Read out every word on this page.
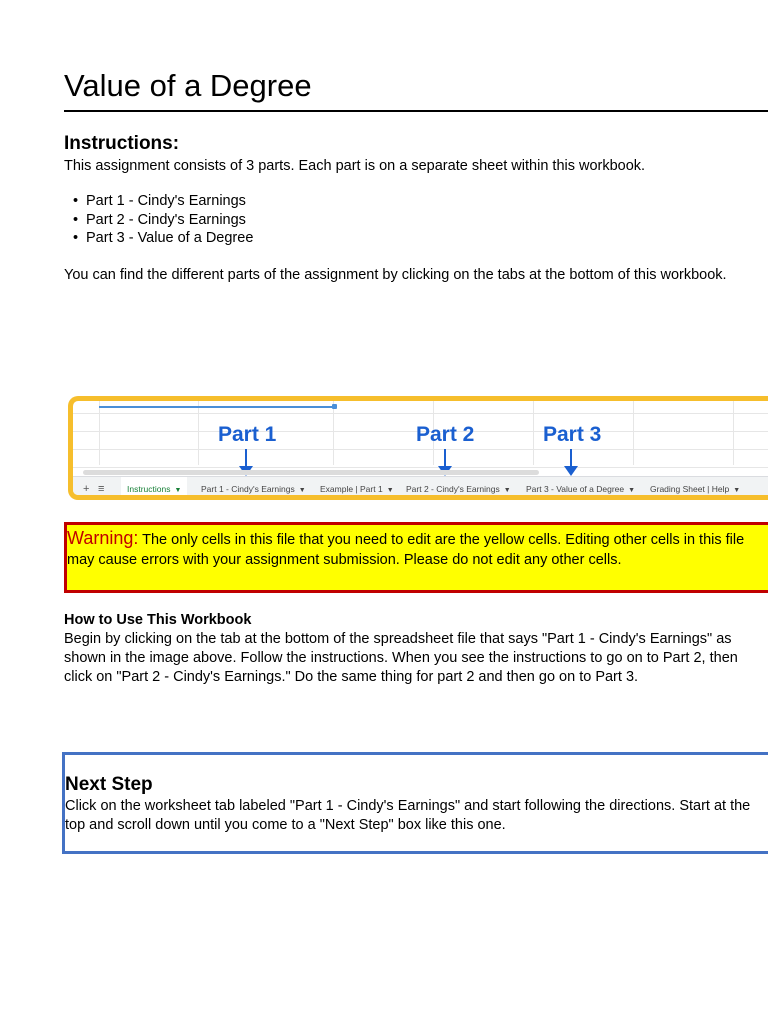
Value of a Degree
Instructions:
This assignment consists of 3 parts. Each part is on a separate sheet within this workbook.
• Part 1 - Cindy's Earnings
• Part 2 - Cindy's Earnings
• Part 3 - Value of a Degree
You can find the different parts of the assignment by clicking on the tabs at the bottom of this workbook.
Part 1	Part 2	Part 3
+ ≡	Instructions ▼	Part 1 - Cindy's Earnings ▼	Example | Part 1 ▼	Part 2 - Cindy's Earnings ▼	Part 3 - Value of a Degree ▼	Grading Sheet | Help ▼
Warning: The only cells in this file that you need to edit are the yellow cells. Editing other cells in this file may cause errors with your assignment submission. Please do not edit any other cells.
How to Use This Workbook
Begin by clicking on the tab at the bottom of the spreadsheet file that says "Part 1 - Cindy's Earnings" as shown in the image above. Follow the instructions. When you see the instructions to go on to Part 2, then click on "Part 2 - Cindy's Earnings." Do the same thing for part 2 and then go on to Part 3.
Next Step
Click on the worksheet tab labeled "Part 1 - Cindy's Earnings" and start following the directions. Start at the top and scroll down until you come to a "Next Step" box like this one.
